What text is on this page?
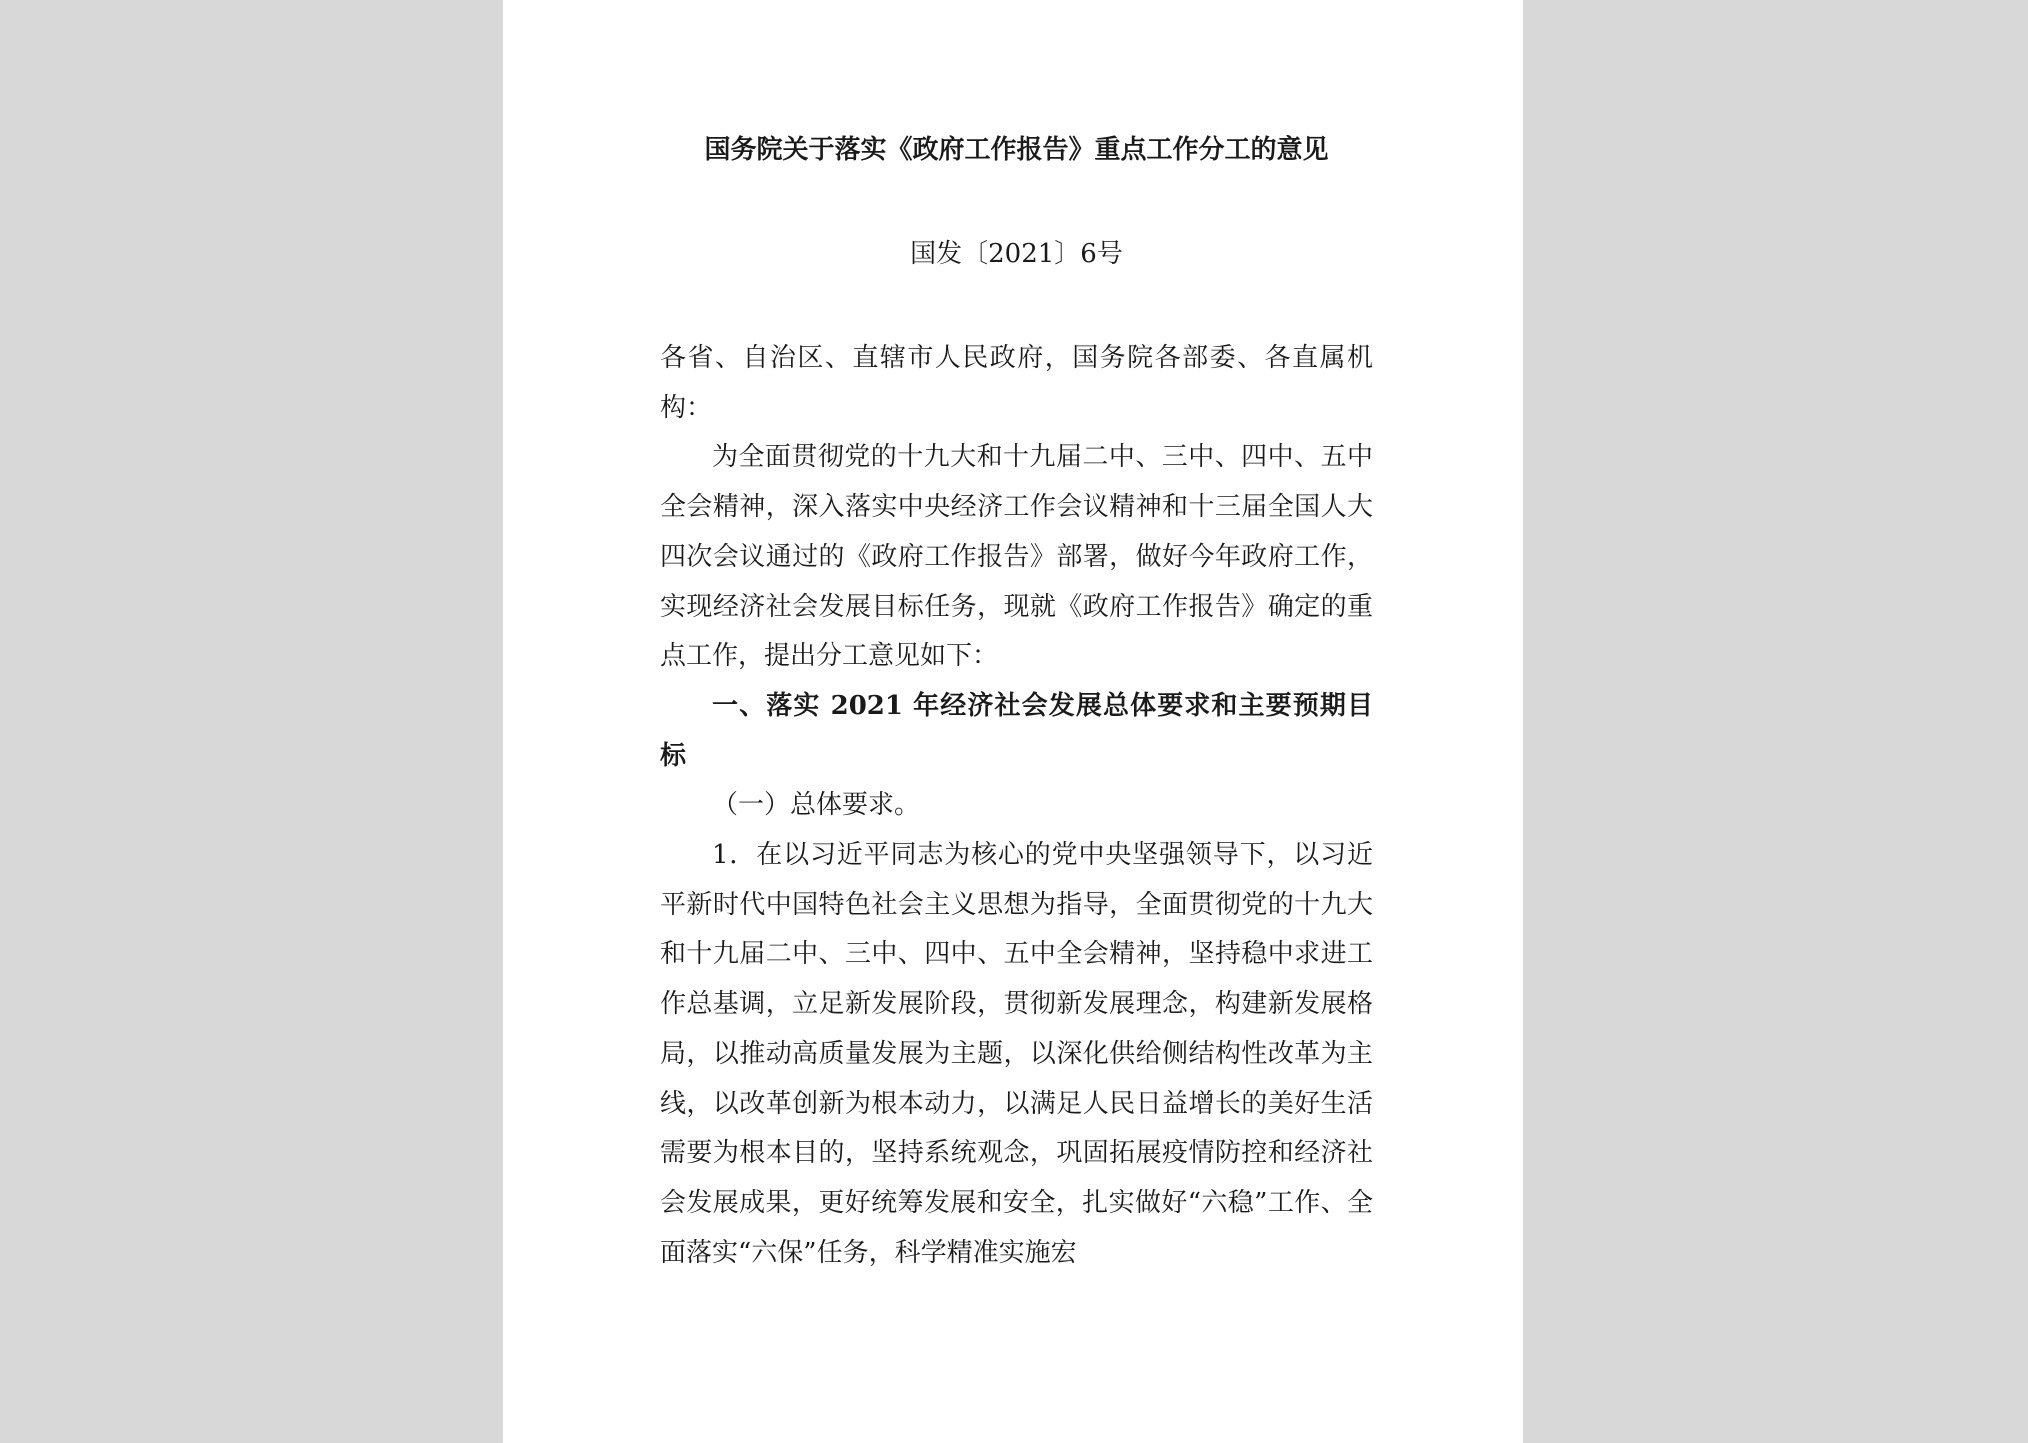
国务院关于落实《政府工作报告》重点工作分工的意见
国发〔2021〕6号
各省、自治区、直辖市人民政府，国务院各部委、各直属机构：

为全面贯彻党的十九大和十九届二中、三中、四中、五中全会精神，深入落实中央经济工作会议精神和十三届全国人大四次会议通过的《政府工作报告》部署，做好今年政府工作，实现经济社会发展目标任务，现就《政府工作报告》确定的重点工作，提出分工意见如下：

一、落实 2021 年经济社会发展总体要求和主要预期目标

（一）总体要求。

1．在以习近平同志为核心的党中央坚强领导下，以习近平新时代中国特色社会主义思想为指导，全面贯彻党的十九大和十九届二中、三中、四中、五中全会精神，坚持稳中求进工作总基调，立足新发展阶段，贯彻新发展理念，构建新发展格局，以推动高质量发展为主题，以深化供给侧结构性改革为主线，以改革创新为根本动力，以满足人民日益增长的美好生活需要为根本目的，坚持系统观念，巩固拓展疫情防控和经济社会发展成果，更好统筹发展和安全，扎实做好“六稳”工作、全面落实“六保”任务，科学精准实施宏
